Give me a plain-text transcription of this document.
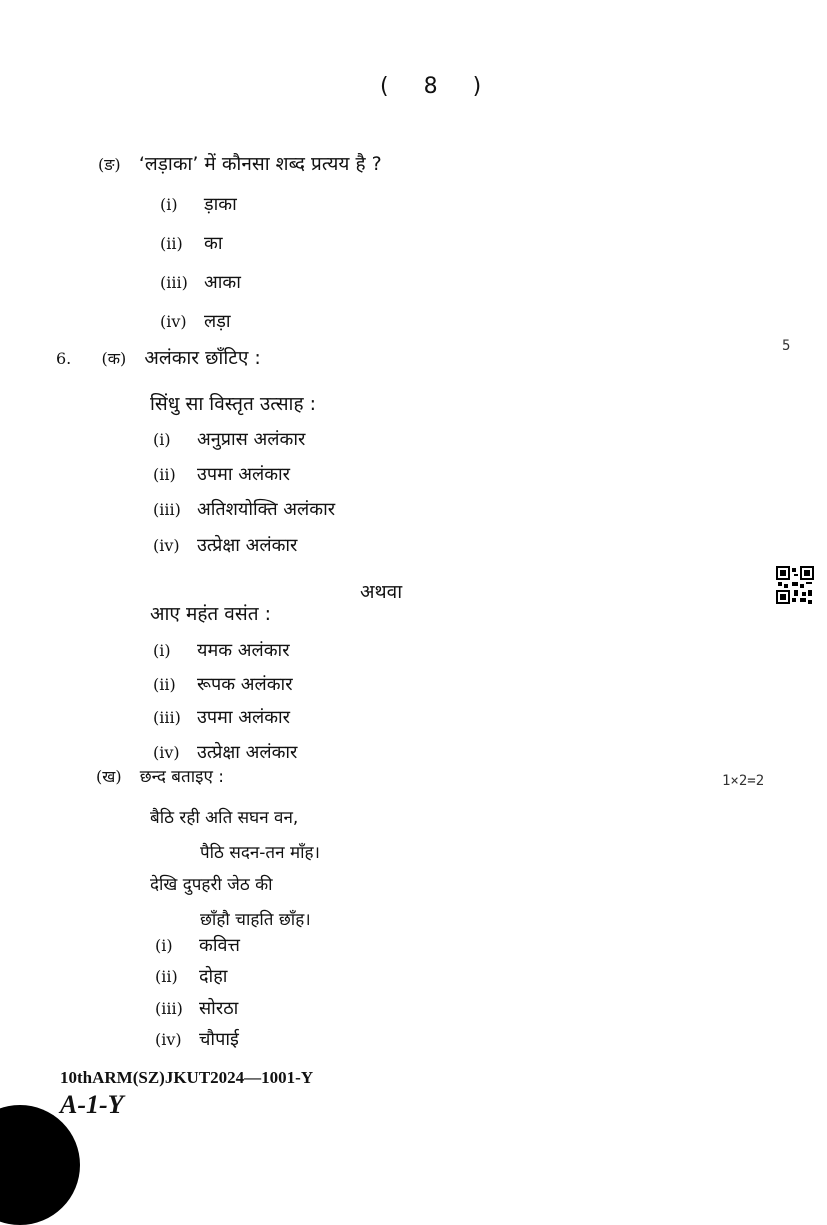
( 8 )
(ङ) ‘लड़ाका’ में कौनसा शब्द प्रत्यय है ?
(i) ड़ाका
(ii) का
(iii) आका
(iv) लड़ा
6. (क) अलंकार छाँटिए :
5
सिंधु सा विस्तृत उत्साह :
(i) अनुप्रास अलंकार
(ii) उपमा अलंकार
(iii) अतिशयोक्ति अलंकार
(iv) उत्प्रेक्षा अलंकार
अथवा
आए महंत वसंत :
(i) यमक अलंकार
(ii) रूपक अलंकार
(iii) उपमा अलंकार
(iv) उत्प्रेक्षा अलंकार
(ख) छन्द बताइए :	1×2=2
बैठि रही अति सघन वन,
पैठि सदन-तन माँह।
देखि दुपहरी जेठ की
छाँहौ चाहति छाँह।
(i) कवित्त
(ii) दोहा
(iii) सोरठा
(iv) चौपाई
10thARM(SZ)JKUT2024—1001-Y
A-1-Y
